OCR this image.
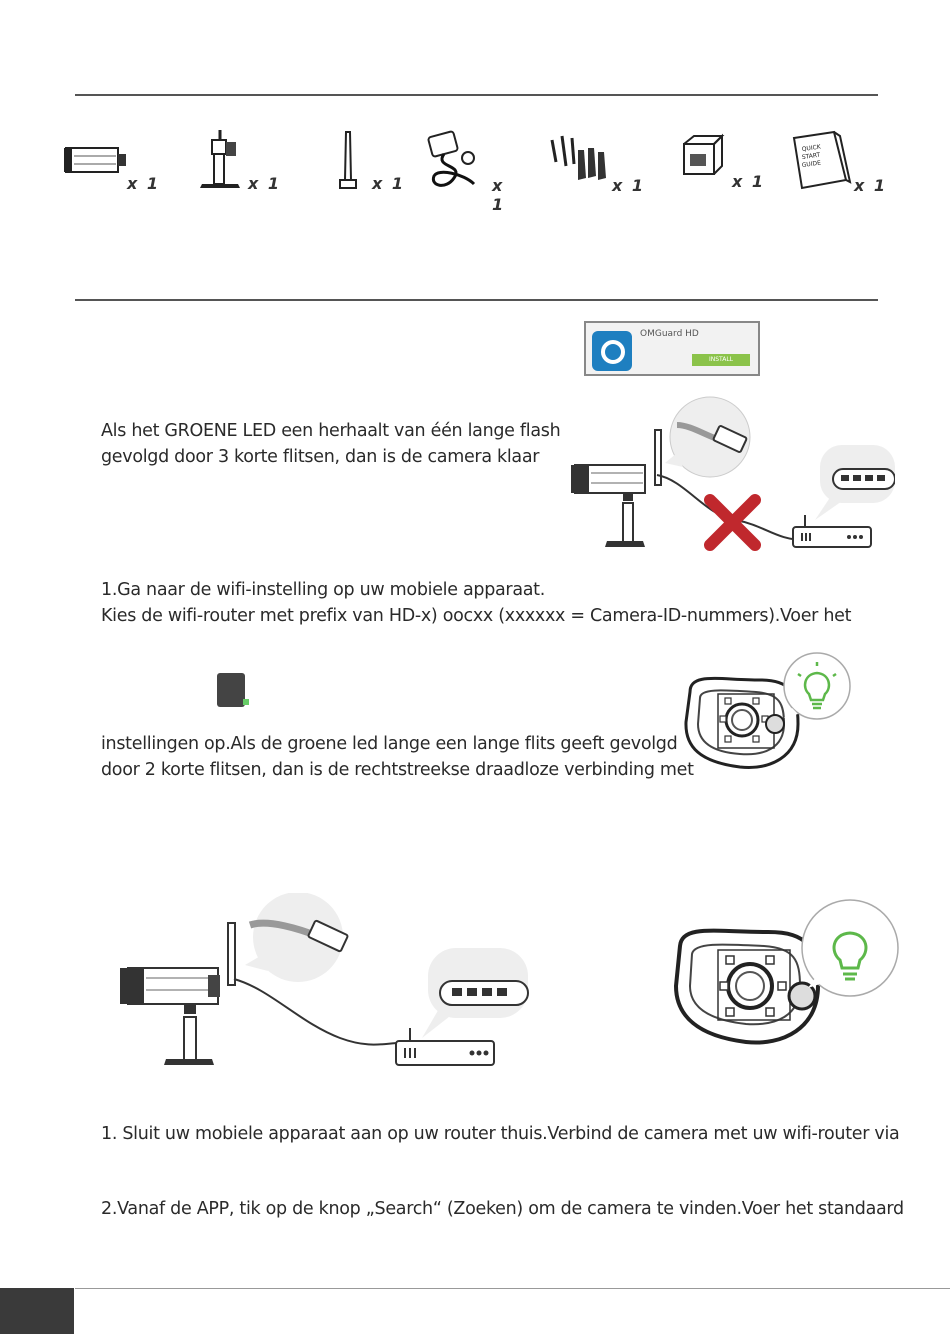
x 1	x 1	x 1	x 1
x 1	x 1
QUICK
START
GUIDE
x 1
OMGuard HD
INSTALL
Als het GROENE LED een herhaalt van één lange flash
gevolgd door 3 korte flitsen, dan is de camera klaar
1.Ga naar de wifi-instelling op uw mobiele apparaat.
Kies de wifi-router met prefix van HD-x) oocxx (xxxxxx = Camera-ID-nummers).Voer het
instellingen op.Als de groene led lange een lange flits geeft gevolgd
door 2 korte flitsen, dan is de rechtstreekse draadloze verbinding met
1. Sluit uw mobiele apparaat aan op uw router thuis.Verbind de camera met uw wifi-router via
2.Vanaf de APP, tik op de knop „Search“ (Zoeken) om de camera te vinden.Voer het standaard
